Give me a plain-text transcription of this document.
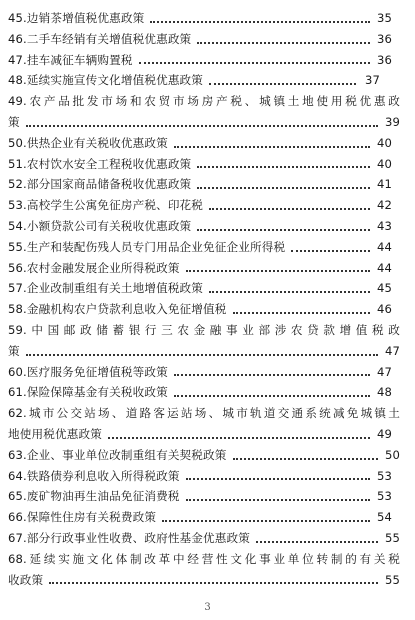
45.边销茶增值税优惠政策	35
46.二手车经销有关增值税优惠政策	36
47.挂车减征车辆购置税	36
48.延续实施宣传文化增值税优惠政策	37
49.农产品批发市场和农贸市场房产税、城镇土地使用税优惠政
策	39
50.供热企业有关税收优惠政策	40
51.农村饮水安全工程税收优惠政策	40
52.部分国家商品储备税收优惠政策	41
53.高校学生公寓免征房产税、印花税	42
54.小额贷款公司有关税收优惠政策	43
55.生产和装配伤残人员专门用品企业免征企业所得税	44
56.农村金融发展企业所得税政策	44
57.企业改制重组有关土地增值税政策	45
58.金融机构农户贷款利息收入免征增值税	46
59.中国邮政储蓄银行三农金融事业部涉农贷款增值税政
策	47
60.医疗服务免征增值税等政策	47
61.保险保障基金有关税收政策	48
62.城市公交站场、道路客运站场、城市轨道交通系统减免城镇土
地使用税优惠政策	49
63.企业、事业单位改制重组有关契税政策	50
64.铁路债券利息收入所得税政策	53
65.废矿物油再生油品免征消费税	53
66.保障性住房有关税费政策	54
67.部分行政事业性收费、政府性基金优惠政策	55
68.延续实施文化体制改革中经营性文化事业单位转制的有关税
收政策	55
3
